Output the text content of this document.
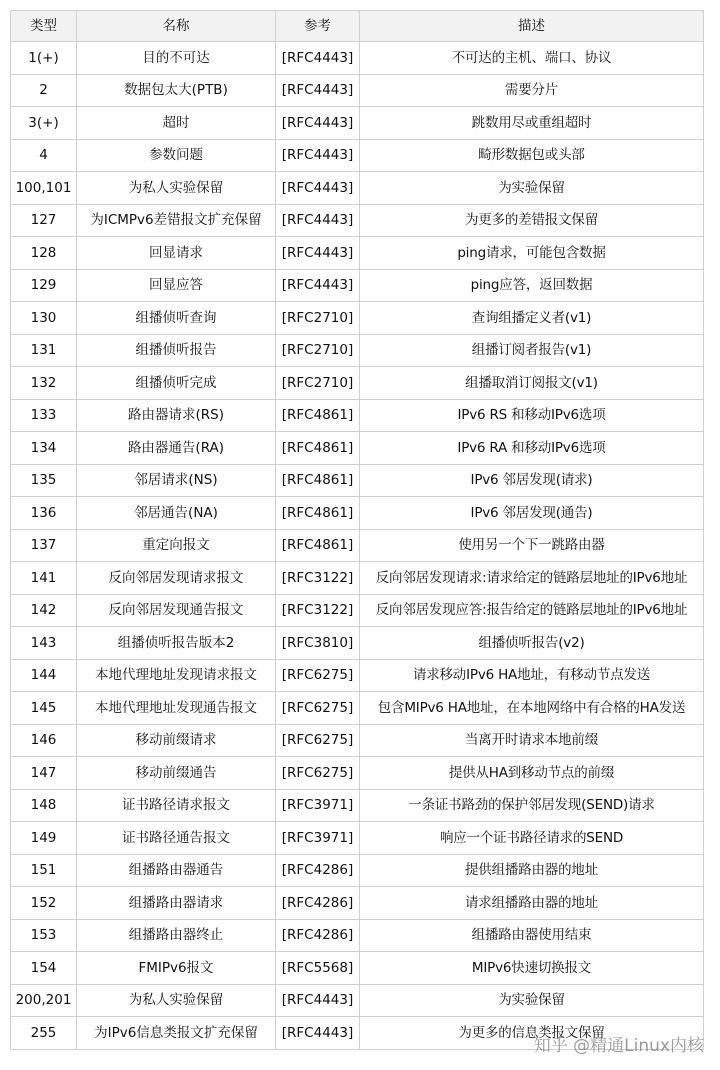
类型	名称	参考	描述
1(+)	目的不可达	[RFC4443]	不可达的主机、端口、协议
2	数据包太大(PTB)	[RFC4443]	需要分片
3(+)	超时	[RFC4443]	跳数用尽或重组超时
4	参数问题	[RFC4443]	畸形数据包或头部
100,101	为私人实验保留	[RFC4443]	为实验保留
127	为ICMPv6差错报文扩充保留	[RFC4443]	为更多的差错报文保留
128	回显请求	[RFC4443]	ping请求，可能包含数据
129	回显应答	[RFC4443]	ping应答，返回数据
130	组播侦听查询	[RFC2710]	查询组播定义者(v1)
131	组播侦听报告	[RFC2710]	组播订阅者报告(v1)
132	组播侦听完成	[RFC2710]	组播取消订阅报文(v1)
133	路由器请求(RS)	[RFC4861]	IPv6 RS 和移动IPv6选项
134	路由器通告(RA)	[RFC4861]	IPv6 RA 和移动IPv6选项
135	邻居请求(NS)	[RFC4861]	IPv6 邻居发现(请求)
136	邻居通告(NA)	[RFC4861]	IPv6 邻居发现(通告)
137	重定向报文	[RFC4861]	使用另一个下一跳路由器
141	反向邻居发现请求报文	[RFC3122]	反向邻居发现请求:请求给定的链路层地址的IPv6地址
142	反向邻居发现通告报文	[RFC3122]	反向邻居发现应答:报告给定的链路层地址的IPv6地址
143	组播侦听报告版本2	[RFC3810]	组播侦听报告(v2)
144	本地代理地址发现请求报文	[RFC6275]	请求移动IPv6 HA地址，有移动节点发送
145	本地代理地址发现通告报文	[RFC6275]	包含MIPv6 HA地址，在本地网络中有合格的HA发送
146	移动前缀请求	[RFC6275]	当离开时请求本地前缀
147	移动前缀通告	[RFC6275]	提供从HA到移动节点的前缀
148	证书路径请求报文	[RFC3971]	一条证书路劲的保护邻居发现(SEND)请求
149	证书路径通告报文	[RFC3971]	响应一个证书路径请求的SEND
151	组播路由器通告	[RFC4286]	提供组播路由器的地址
152	组播路由器请求	[RFC4286]	请求组播路由器的地址
153	组播路由器终止	[RFC4286]	组播路由器使用结束
154	FMIPv6报文	[RFC5568]	MIPv6快速切换报文
200,201	为私人实验保留	[RFC4443]	为实验保留
255	为IPv6信息类报文扩充保留	[RFC4443]	为更多的信息类报文保留
知乎 @精通Linux内核
